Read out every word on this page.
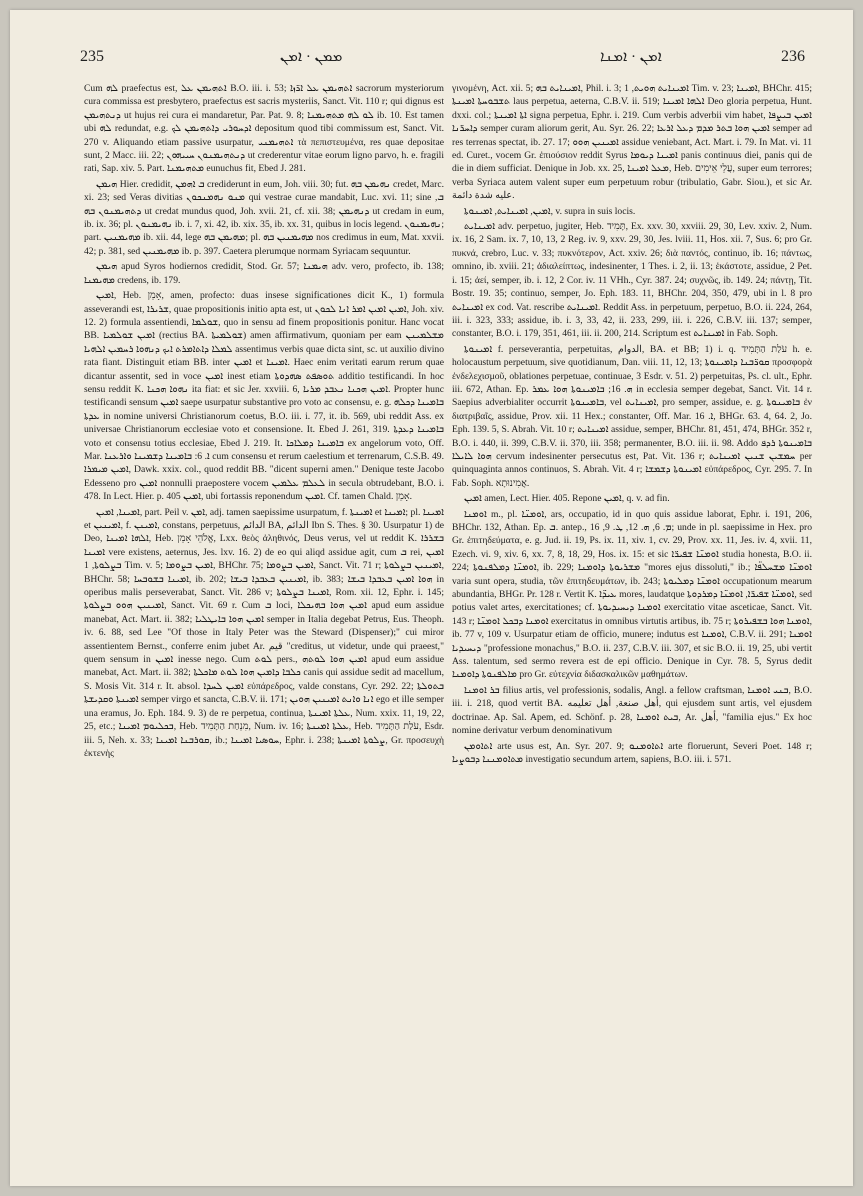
235	ܡܡܢ · ܐܡܢ	ܐܡܢ · ܐܡܢܐ	236

Cum ܠܗ praefectus est, ܐܬܗܝܡܢ ܥܠ B.O. iii. i. 53; ܐܬܗܝܡܢ ܥܠ ܐܪ̈ܙܐ sacrorum mysteriorum cura commissa est presbytero, praefectus est sacris mysteriis, Sanct. Vit. 110 r; qui dignus est ܕܢܬܗܝܡܢ ut hujus rei cura ei mandaretur, Par. Pat. 9. 8; ܠܘ ܠܗ ܡܬܗܝܡܢܐ ib. 10. Est tamen ubi ܠܗ redundat, e.g. ܐܕܚܘܪܝ ܕܐܬܗܝܡܢ ܠܟ depositum quod tibi commissum est, Sanct. Vit. 270 v. Aliquando etiam passive usurpatur, ܐܬܗܝܡܢܝ τὰ πεπιστευμένα, res quae depositae sunt, 2 Macc. iii. 22; ܕܢܬܗܝܡܢܘܢ ܚܝܝܗܘܢ ut crederentur vitae eorum ligno parvo, h. e. fragili rati, Sap. xiv. 5. Part. ܡܬܗܝܡܢܐ eunuchus fit, Ebed J. 281.

ܗܝܡܢ Hier. credidit, ܒ ܐܗܡܢ crediderunt in eum, Joh. viii. 30; fut. ܢܗܝܡܢ ܒܗ credet, Marc. xi. 23; sed Veras divitias ܡܢܘ ܢܗܡܢܟܘܢ qui vestrae curae mandabit, Luc. xvi. 11; sine ܒ, ܕܬܗܝܡܢܘܢ ܒܗ ut credat mundus quod, Joh. xvii. 21, cf. xii. 38; ܕܢܗܝܡܢ ut credam in eum, ib. ix. 36; pl. ܢܗܝܡܢܘܢ ib. i. 7, xi. 42, ib. xix. 35, ib. xx. 31, quibus in locis legend. ܢܗܝܡܢܘܢ; part. ܡܗܝܡܢܝܢ ib. xii. 44, lege ܡܗܝܡܢ ܒܗ; pl. ܡܗܝܡܢܝܢ ܒܗ nos credimus in eum, Mat. xxvii. 42; p. 381, sed ܡܗܝܡܢܝܢ ib. p. 397. Caetera plerumque normam Syriacam sequuntur.

ܗܝܡܢ apud Syros hodiernos credidit, Stod. Gr. 57; ܗܝܡܢܐ adv. vero, profecto, ib. 138; ܡܗܝܡܢܐ credens, ib. 179.

ܐܡܝܢ, Heb. אָמֵן, amen, profecto: duas insese significationes dicit K., 1) formula asseverandi est, ܫܪܝܪܐ, quae propositionis initio apta est, ut ܐܡܝܢ ܐܡܝܢ ܐܡܪ ܐܢܐ ܠܟܘܢ, Joh. xiv. 12. 2) formula assentiendi, ܫܘܠܡܐ, quo in sensu ad finem propositionis ponitur. Hanc vocat BB. ܐܡܝܢ ܫܘܠܡܝܐ (rectius BA. ܫܘܠܡܝܬܐ) amen affirmativum, quoniam per eam ܡܫܠܡܝܢܢ ܠܡܠܐ ܕܐܬܐܡܪܬ ܐܝܟ ܕܢܗܘܐ ܪܚܡܝܢ ܐܠܗܝܐ assentimus verbis quae dicta sint, sc. ut auxilio divino rata fiant. Distinguit etiam BB. inter ܐܡܝܢ et ܐܡܝܢܐ. Haec enim veritati earum rerum quae dicantur assentit, sed in voce ܐܡܝܢ inest etiam ܬܘܣܦܬ ܣܗܕܘܬܐ additio testificandi. In hoc sensu reddit K. ܢܗܘܐ ܗܟܢܐ ita fiat: et sic Jer. xxviii. 6, ܐܡܝܢ ܗܟܢܐ ܢܥܒܕ ܡܪܝܐ. Propter hunc testificandi sensum ܐܡܝܢ saepe usurpatur substantive pro voto ac consensu, e. g. ܒܐܡܝܢܐ ܕܟܠܗ ܥܕܬܐ in nomine universi Christianorum coetus, B.O. iii. i. 77, it. ib. 569, ubi reddit Ass. ex universae Christianorum ecclesiae voto et consensione. It. Ebed J. 261, 319. ܒܐܡܝܢܐ ܕܥܕܬܐ voto et consensu totius ecclesiae, Ebed J. 219. It. ܒܐܡܝܢܐ ܕܡܠܐܟܐ ex angelorum voto, Off. Mar. ܐ. 6: ܒܐܡܝܢܐ ܕܫܡܝܢܐ ܘܐܪܥܢܐ cum consensu et rerum caelestium et terrenarum, C.S.B. 49. ܐܡܝܢ ܡܝܡܪܐ, Dawk. xxix. col., quod reddit BB. "dicent superni amen." Denique teste Jacobo Edesseno pro ܐܡܝܢ nonnulli praepostere vocem ܠܥܠܡ ܥܠܡܝܢ in secula obtrudebant, B.O. i. 478. In Lect. Hier. p. 405 ܐܡܝܢ, ubi fortassis reponendum ܐܡܝܢ. Cf. tamen Chald. אָמֵן.

ܐܡܝܢܐ, ܐܡܝܢ, part. Peil v. ܐܡܢ, adj. tamen saepissime usurpatum, f. ܐܡܝܢܬܐ et ܐܡܝܢܐ; pl. ܐܡܝܢܐ et ܐܡܝܢܝܢ, f. ܐܡܝܢܢ, constans, perpetuus, الدائم BA, الدائم Ibn S. Thes. § 30. Usurpatur 1) de Deo, ܐܠܗܐ ܐܡܝܢܐ, Heb. אֱלֹהֵי אָמֵן, Lxx. θεὸς ἀληθινός, Deus verus, vel ut reddit K. ܒܫܪܪܐ ܐܡܝܢܐ vere existens, aeternus, Jes. lxv. 16. 2) de eo qui aliqd assidue agit, cum ܒ rei, ܐܡܝܢ ܒܨܠܘܬܐ, 1 Tim. v. 5; ܐܡܝܢ ܒܨܘܡܐ, BHChr. 75; ܐܡܝܢ ܒܨܘܡܐ, Sanct. Vit. 71 r; ܐܡܝܢܝܢ ܒܨܠܘܬܐ, BHChr. 58; ܐܡܝܢܐ ܒܫܘܒܚܐ, ib. 202; ܐܡܝܢܝܢ ܒܥܒܕܐ ܒܝܫܐ, ib. 383; ܗܘܐ ܐܡܝܢ ܒܥܒܕܐ ܒܝܫܐ in operibus malis perseverabat, Sanct. Vit. 286 v; ܐܡܝܢܐ ܒܨܠܘܬܐ, Rom. xii. 12, Ephr. i. 145; ܐܡܝܢܝܢ ܗܘܘ ܒܨܠܘܬܐ, Sanct. Vit. 69 r. Cum ܒ loci, ܐܡܝܢ ܗܘܐ ܒܗܝܟܠܐ apud eum assidue manebat, Act. Mart. ii. 382; ܐܡܝܢ ܗܘܐ ܒܐܝܛܠܝܐ semper in Italia degebat Petrus, Eus. Theoph. iv. 6. 88, sed Lee "Of those in Italy Peter was the Steward (Dispenser);" cui miror assentientem Bernst., conferre enim jubet Ar. قيم "creditus, ut videtur, unde qui praeest," quem sensum in ܐܡܝܢ inesse nego. Cum ܠܘܬ pers., ܐܡܝܢ ܗܘܐ ܠܘܬܗ apud eum assidue manebat, Act. Mart. ii. 382; ܟܠܒܐ ܕܐܡܝܢ ܗܘܐ ܠܘܬ ܡܐܟܠܬܐ canis qui assidue sedit ad macellum, S. Mosis Vit. 314 r. It. absol. ܐܡܝܢ ܠܚܕܐ εὐπάρεδρος, valde constans, Cyr. 292. 22; ܒܬܘܠܬܐ ܐܡܝܢܬܐ ܘܩܕܝܫܬܐ semper virgo et sancta, C.B.V. ii. 171; ܐܢܐ ܘܐܢܬ ܐܡܝܢܝܢ ܗܘܝܢ ego et ille semper una eramus, Jo. Eph. 184. 9. 3) de re perpetua, continua, ܥܠܬܐ ܐܡܝܢܬܐ, Num. xxix. 11, 19, 22, 25, etc.; ܒܟܠܝܘܡ ܐܡܝܢܐ, Heb. מִנְחַת הַתָּמִיד, Num. iv. 16; ܥܠܬܐ ܐܡܝܢܬܐ, Heb. עֹלַת הַתָּמִיד, Esdr. iii. 5, Neh. x. 33; ܩܘܪܒܢܐ ܐܡܝܢܐ, ib.; ܚܘܣܝܐ ܐܡܝܢܐ, Ephr. i. 238; ܨܠܘܬܐ ܐܡܝܢܬܐ, Gr. προσευχὴ ἐκτενὴς

γινομένη, Act. xii. 5; ܐܡܝܢܐܝܬ ܒܗ, Phil. i. 3; ܐܡܝܢܐܝܬ ܗܘܝܬ, 1 Tim. v. 23; ܐܡܝܢܐ, BHChr. 415; ܬܫܒܘܚܬܐ ܐܡܝܢܬܐ laus perpetua, aeterna, C.B.V. ii. 519; ܐܠܗܐ ܐܡܝܢܐ Deo gloria perpetua, Hunt. dxxi. col.; ܐܬܐ ܐܡܝܢܬܐ signa perpetua, Ephr. i. 219. Cum verbis adverbii vim habet, ܐܡܝܢ ܒܝܨܦܐ ܕܐܚܪ̈ܢܐ semper curam aliorum gerit, Au. Syr. 26. 22; ܐܡܝܢ ܗܘܐ ܒܬܪ ܡܕܡ ܕܥܠ ܐܪܥܐ semper ad res terrenas spectat, ib. 27. 17; ܐܡܝܢܝܢ ܗܘܘ assidue veniebant, Act. Mart. i. 79. In Mat. vi. 11 ed. Curet., vocem Gr. ἐπιούσιον reddit Syrus ܐܡܝܢܐ ܕܝܘܡܐ panis continuus diei, panis qui de die in diem sufficiat. Denique in Job. xx. 25, ܡܥܠ ܐܡܝܢܐ, Heb. עֲלֵי אֵימִים, super eum terrores; verba Syriaca autem valent super eum perpetuum robur (tribulatio, Gabr. Siou.), et sic Ar. عليه شدة دائمة.

ܐܡܝܢ, ܐܡܝܢܐܝܬ, ܐܡܝܢܘܬܐ, v. supra in suis locis.

ܐܡܝܢܐܝܬ adv. perpetuo, jugiter, Heb. תָּמִיד, Ex. xxv. 30, xxviii. 29, 30, Lev. xxiv. 2, Num. ix. 16, 2 Sam. ix. 7, 10, 13, 2 Reg. iv. 9, xxv. 29, 30, Jes. lviii. 11, Hos. xii. 7, Sus. 6; pro Gr. πυκνά, crebro, Luc. v. 33; πυκνότερον, Act. xxiv. 26; διὰ παντός, continuo, ib. 16; πάντως, omnino, ib. xviii. 21; ἀδιαλείπτως, indesinenter, 1 Thes. i. 2, ii. 13; ἑκάστοτε, assidue, 2 Pet. i. 15; ἀεί, semper, ib. i. 12, 2 Cor. iv. 11 VHh., Cyr. 387. 24; συχνῶς, ib. 149. 24; πάντῃ, Tit. Bostr. 19. 35; continuo, semper, Jo. Eph. 183. 11, BHChr. 204, 350, 479, ubi in l. 8 pro ܐܡܝܢܐܝܬ ex cod. Vat. rescribe ܐܡܝܢܐܝܬ. Reddit Ass. in perpetuum, perpetuo, B.O. ii. 224, 264, iii. i. 323, 333; assidue, ib. i. 3, 33, 42, ii. 233, 299, iii. i. 226, C.B.V. iii. 137; semper, constanter, B.O. i. 179, 351, 461, iii. ii. 200, 214. Scriptum est ܐܡܝܢܐܝܬ in Fab. Soph.

ܐܡܝܢܘܬܐ f. perseverantia, perpetuitas, الدوام, BA. et BB; 1) i. q. עֹלַת הַתָּמִיד h. e. holocaustum perpetuum, sive quotidianum, Dan. viii. 11, 12, 13; ܩܘܪ̈ܒܢܐ ܕܐܡܝܢܘܬܐ προσφορὰ ἐνδελεχισμοῦ, oblationes perpetuae, continuae, 3 Esdr. v. 51. 2) perpetuitas, Ps. cl. ult., Ephr. iii. 672, Athan. Ep. ܗ. 16; ܒܐܡܝܢܘܬܐ ܗܘܐ ܥܡܪ in ecclesia semper degebat, Sanct. Vit. 14 r. Saepius adverbialiter occurrit ܒܐܡܝܢܘܬܐ, vel ܐܡܝܢܐܝܬ, pro semper, assidue, e. g. ܒܐܡܝܢܘܬܐ ἐν διατριβαῖς, assidue, Prov. xii. 11 Hex.; constanter, Off. Mar. ܐ. 16, BHGr. 63. 4, 64. 2, Jo. Eph. 139. 5, S. Abrah. Vit. 10 r; ܐܡܝܢܐܝܬ assidue, semper, BHChr. 81, 451, 474, BHGr. 352 r, B.O. i. 440, ii. 399, C.B.V. ii. 370, iii. 358; permanenter, B.O. iii. ii. 98. Addo ܒܐܡܝܢܘܬܐ ܪܕܦ ܗܘܐ ܠܐܝܠܐ cervum indesinenter persecutus est, Pat. Vit. 136 r; ܚܡܫܝܢ ܫܢܝܢ ܐܡܝܢܐܝܬ per quinquaginta annos continuos, S. Abrah. Vit. 4 r; ܐܡܝܢܘܬܐ ܕܫܡܫܐ εὐπάρεδρος, Cyr. 295. 7. In Fab. Soph. אֲמִינוּתָא.

ܐܡܝܢ amen, Lect. Hier. 405. Repone ܐܡܝܢ, q. v. ad fin.

ܐܘܡܢܐ m., pl. ܐܘܡܢ̈ܐ, ars, occupatio, id in quo quis assidue laborat, Ephr. i. 191, 206, BHChr. 132, Athan. Ep. ܒ. antep., ܡ. 6, ܗ. 12, ܛ. 9, 16; unde in pl. saepissime in Hex. pro Gr. ἐπιτηδεύματα, e. g. Jud. ii. 19, Ps. ix. 11, xiv. 1, cv. 29, Prov. xx. 11, Jes. iv. 4, xvii. 11, Ezech. vi. 9, xiv. 6, xx. 7, 8, 18, 29, Hos. ix. 15: et sic ܐܘܡܢ̈ܐ ܫܦܝܪ̈ܐ studia honesta, B.O. ii. 224; ܐܘܡܢ̈ܐ ܕܡܠܦܢܘܬܐ, ib. 229; ܡܫܪܝܘܬܐ ܕܐܘܡܢܐ "mores ejus dissoluti," ib.; ܐܘܡܢ̈ܐ ܡܫܚܠܦ̈ܐ varia sunt opera, studia, τῶν ἐπιτηδευμάτων, ib. 243; ܐܘܡܢ̈ܐ ܕܡܠܝܘܬܐ occupationum mearum abundantia, BHGr. Pr. 128 r. Vertit K. ܥܝܕ̈ܐ mores, laudatque ܐܘܡܢ̈ܐ ܫܦܝܪ̈ܐ, ܐܘܡܢ̈ܐ ܕܡܪܕܘܬܐ, sed potius valet artes, exercitationes; cf. ܐܘܡܢܐ ܕܝܚܝܕܝܘܬܐ exercitatio vitae asceticae, Sanct. Vit. 143 r; ܐܘܡܢܐ ܕܒܟܠ ܐܘܡܢ̈ܐ exercitatus in omnibus virtutis artibus, ib. 75 r; ܐܘܡܢܐ ܗܘܐ ܒܫܦܝܪܘܬܐ, ib. 77 v, 109 v. Usurpatur etiam de officio, munere; indutus est ܐܘܡܢܐ, C.B.V. ii. 291; ܐܘܡܢܐ ܕܝܚܝܕܝܐ "professione monachus," B.O. ii. 237, C.B.V. iii. 307, et sic B.O. ii. 19, 25, ubi vertit Ass. talentum, sed sermo revera est de epi officio. Denique in Cyr. 78. 5, Syrus dedit ܡܐܠܦܢܘܬܐ ܕܐܘܡܢܐ pro Gr. εὐτεχνία διδασκαλικῶν μαθημάτων.

ܒܪ ܐܘܡܢܐ filius artis, vel professionis, sodalis, Angl. a fellow craftsman, ܒܢܝ ܐܘܡܢܐ, B.O. iii. i. 218, quod vertit BA. أهل صنعة, أهل تعليمه, qui ejusdem sunt artis, vel ejusdem doctrinae. Ap. Sal. Apem, ed. Schönf. p. 28, ܒܝܬ ܐܘܡܢܐ, Ar. أهل, "familia ejus." Ex hoc nomine derivatur verbum denominativum

ܐܬܐܘܡܢ arte usus est, An. Syr. 207. 9; ܐܬܐܘܡܢܘ arte floruerunt, Severi Poet. 148 r; ܡܬܐܘܡܢܢܐ ܕܒܘܨܝܐ investigatio secundum artem, sapiens, B.O. iii. i. 571.
